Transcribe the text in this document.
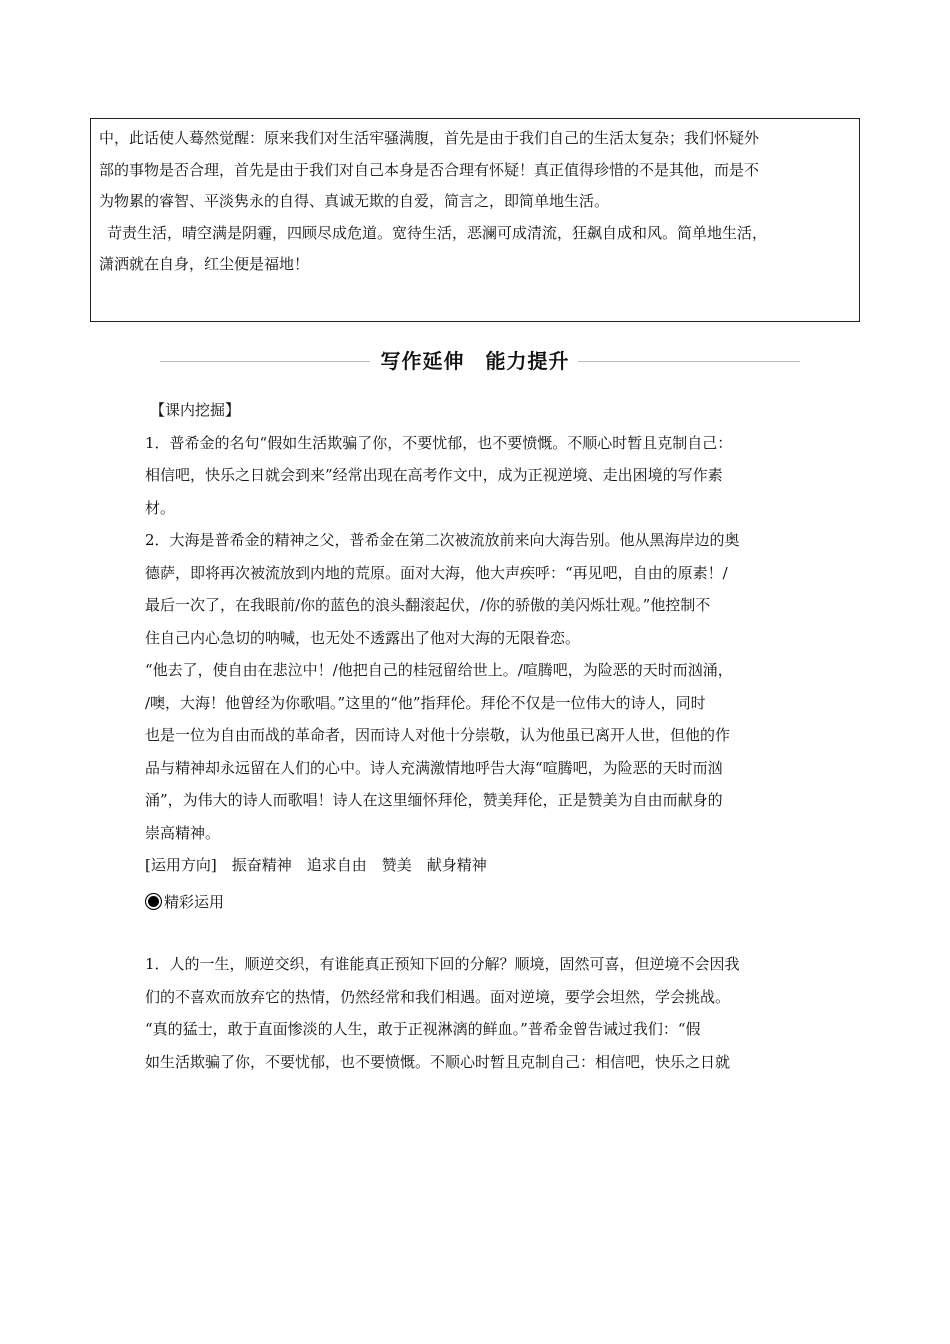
中，此话使人蓦然觉醒：原来我们对生活牢骚满腹，首先是由于我们自己的生活太复杂；我们怀疑外

部的事物是否合理，首先是由于我们对自己本身是否合理有怀疑！真正值得珍惜的不是其他，而是不

为物累的睿智、平淡隽永的自得、真诚无欺的自爱，简言之，即简单地生活。

苛责生活，晴空满是阴霾，四顾尽成危道。宽待生活，恶澜可成清流，狂飙自成和风。简单地生活，

潇洒就在自身，红尘便是福地！

写作延伸　能力提升

【课内挖掘】

1．普希金的名句“假如生活欺骗了你，不要忧郁，也不要愤慨。不顺心时暂且克制自己：

相信吧，快乐之日就会到来”经常出现在高考作文中，成为正视逆境、走出困境的写作素

材。

2．大海是普希金的精神之父，普希金在第二次被流放前来向大海告别。他从黑海岸边的奥

德萨，即将再次被流放到内地的荒原。面对大海，他大声疾呼：“再见吧，自由的原素！/

最后一次了，在我眼前/你的蓝色的浪头翻滚起伏，/你的骄傲的美闪烁壮观。”他控制不

住自己内心急切的呐喊，也无处不透露出了他对大海的无限眷恋。

“他去了，使自由在悲泣中！/他把自己的桂冠留给世上。/喧腾吧，为险恶的天时而汹涌，

/噢，大海！他曾经为你歌唱。”这里的“他”指拜伦。拜伦不仅是一位伟大的诗人，同时

也是一位为自由而战的革命者，因而诗人对他十分崇敬，认为他虽已离开人世，但他的作

品与精神却永远留在人们的心中。诗人充满激情地呼告大海“喧腾吧，为险恶的天时而汹

涌”，为伟大的诗人而歌唱！诗人在这里缅怀拜伦，赞美拜伦，正是赞美为自由而献身的

崇高精神。

[运用方向]　振奋精神　追求自由　赞美　献身精神

精彩运用

1．人的一生，顺逆交织，有谁能真正预知下回的分解？顺境，固然可喜，但逆境不会因我

们的不喜欢而放弃它的热情，仍然经常和我们相遇。面对逆境，要学会坦然，学会挑战。

“真的猛士，敢于直面惨淡的人生，敢于正视淋漓的鲜血。”普希金曾告诫过我们：“假

如生活欺骗了你，不要忧郁，也不要愤慨。不顺心时暂且克制自己：相信吧，快乐之日就
